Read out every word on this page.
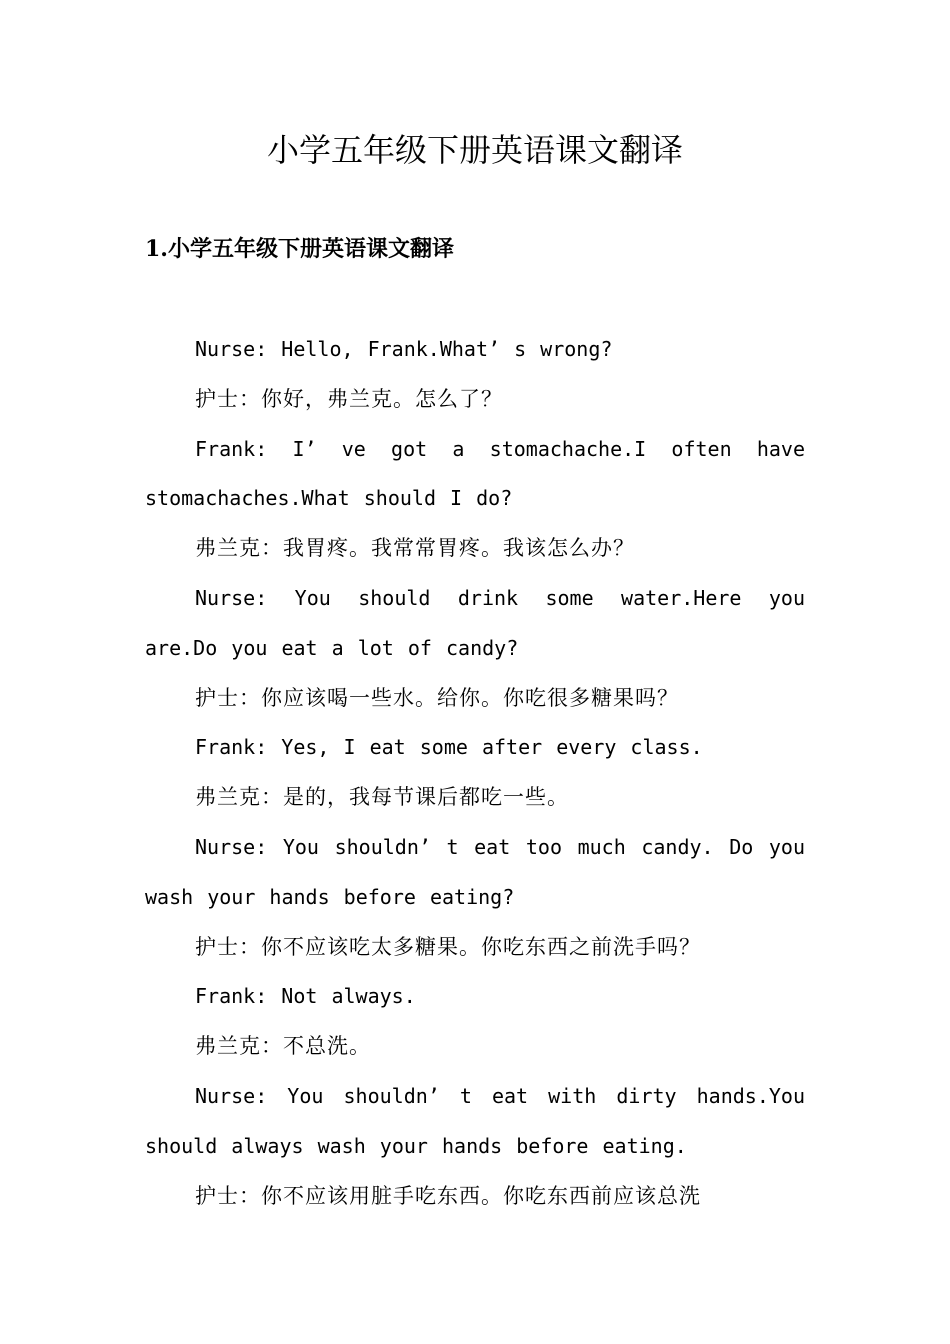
小学五年级下册英语课文翻译
1.小学五年级下册英语课文翻译

Nurse: Hello, Frank.What’ s wrong?

护士：你好，弗兰克。怎么了？

Frank: I’ ve got a stomachache.I often have stomachaches.What should I do?

弗兰克：我胃疼。我常常胃疼。我该怎么办？

Nurse: You should drink some water.Here you are.Do you eat a lot of candy?

护士：你应该喝一些水。给你。你吃很多糖果吗？

Frank: Yes, I eat some after every class.

弗兰克：是的，我每节课后都吃一些。

Nurse: You shouldn’ t eat too much candy. Do you wash your hands before eating?

护士：你不应该吃太多糖果。你吃东西之前洗手吗？

Frank: Not always.

弗兰克：不总洗。

Nurse: You shouldn’ t eat with dirty hands.You should always wash your hands before eating.

护士：你不应该用脏手吃东西。你吃东西前应该总洗
